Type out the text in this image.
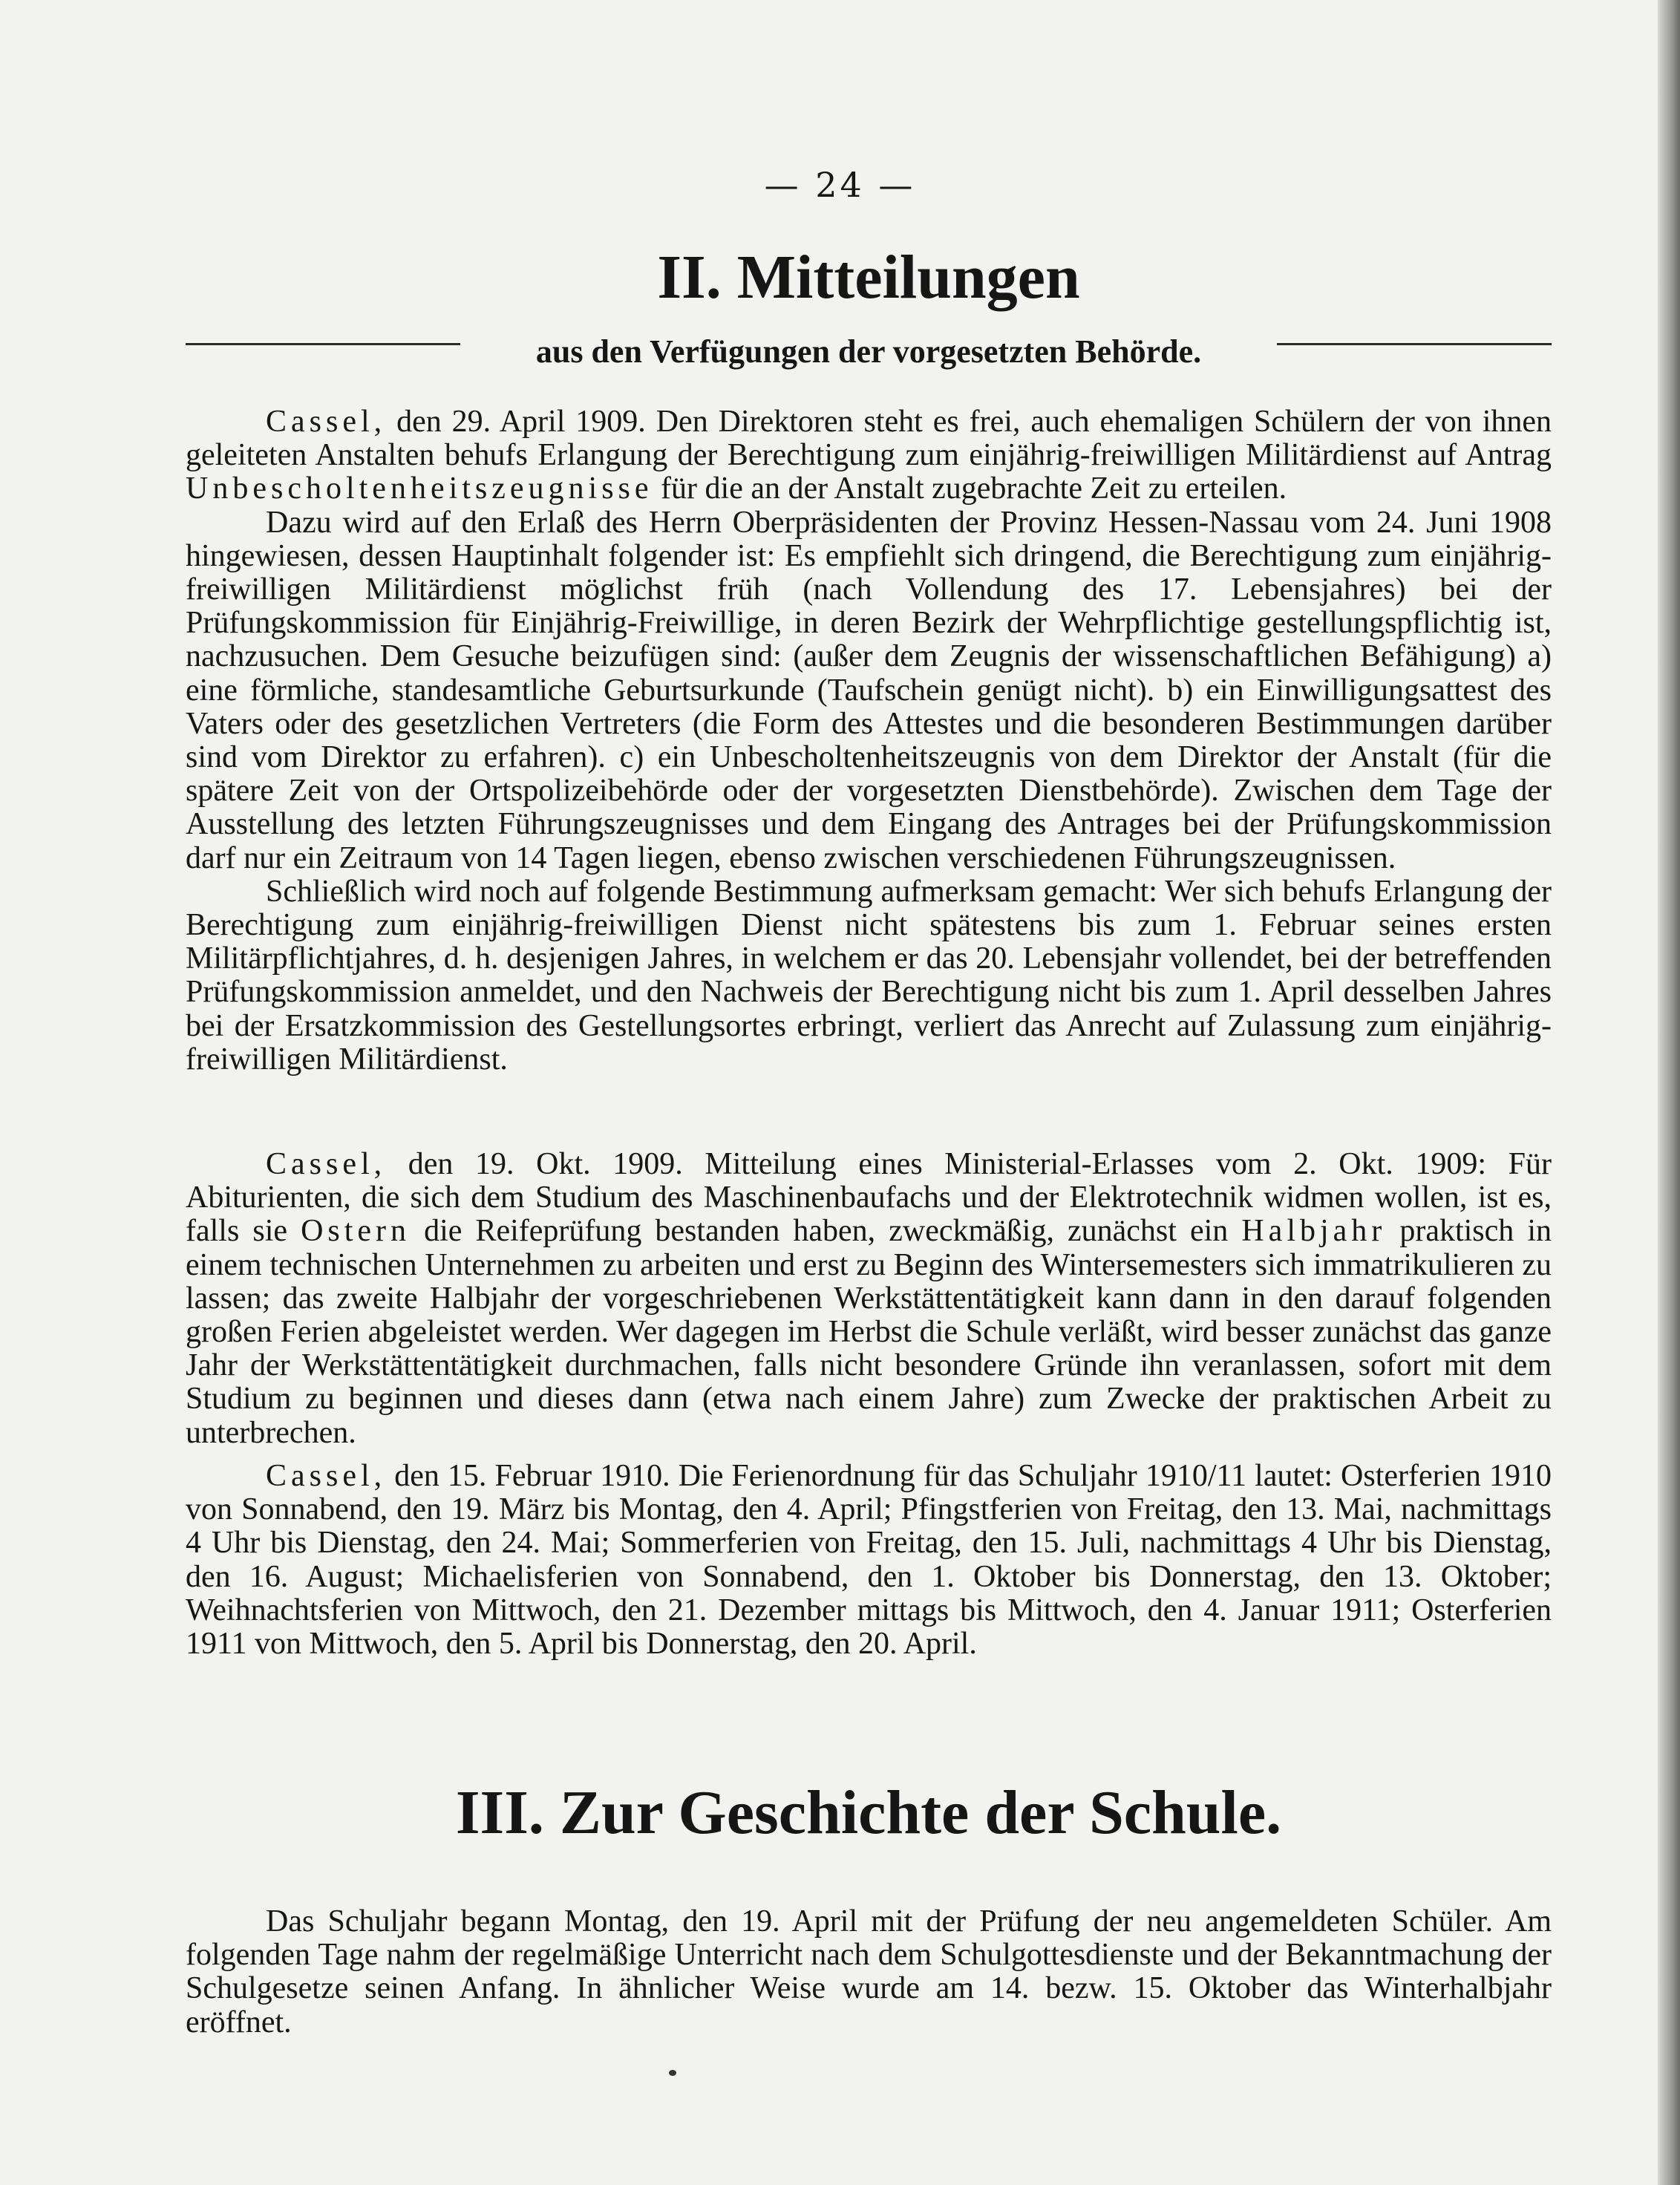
— 24 —
II. Mitteilungen
aus den Verfügungen der vorgesetzten Behörde.

Cassel, den 29. April 1909. Den Direktoren steht es frei, auch ehemaligen Schülern der von ihnen geleiteten Anstalten behufs Erlangung der Berechtigung zum einjährig-freiwilligen Militärdienst auf Antrag Unbescholtenheitszeugnisse für die an der Anstalt zugebrachte Zeit zu erteilen.

Dazu wird auf den Erlaß des Herrn Oberpräsidenten der Provinz Hessen-Nassau vom 24. Juni 1908 hingewiesen, dessen Hauptinhalt folgender ist: Es empfiehlt sich dringend, die Berechtigung zum einjährig-freiwilligen Militärdienst möglichst früh (nach Vollendung des 17. Lebensjahres) bei der Prüfungskommission für Einjährig-Freiwillige, in deren Bezirk der Wehrpflichtige gestellungspflichtig ist, nachzusuchen. Dem Gesuche beizufügen sind: (außer dem Zeugnis der wissenschaftlichen Befähigung) a) eine förmliche, standesamtliche Geburtsurkunde (Taufschein genügt nicht). b) ein Einwilligungsattest des Vaters oder des gesetzlichen Vertreters (die Form des Attestes und die besonderen Bestimmungen darüber sind vom Direktor zu erfahren). c) ein Unbescholtenheitszeugnis von dem Direktor der Anstalt (für die spätere Zeit von der Ortspolizeibehörde oder der vorgesetzten Dienstbehörde). Zwischen dem Tage der Ausstellung des letzten Führungszeugnisses und dem Eingang des Antrages bei der Prüfungskommission darf nur ein Zeitraum von 14 Tagen liegen, ebenso zwischen verschiedenen Führungszeugnissen.

Schließlich wird noch auf folgende Bestimmung aufmerksam gemacht: Wer sich behufs Erlangung der Berechtigung zum einjährig-freiwilligen Dienst nicht spätestens bis zum 1. Februar seines ersten Militärpflichtjahres, d. h. desjenigen Jahres, in welchem er das 20. Lebensjahr vollendet, bei der betreffenden Prüfungskommission anmeldet, und den Nachweis der Berechtigung nicht bis zum 1. April desselben Jahres bei der Ersatzkommission des Gestellungsortes erbringt, verliert das Anrecht auf Zulassung zum einjährig-freiwilligen Militärdienst.

Cassel, den 19. Okt. 1909. Mitteilung eines Ministerial-Erlasses vom 2. Okt. 1909: Für Abiturienten, die sich dem Studium des Maschinenbaufachs und der Elektrotechnik widmen wollen, ist es, falls sie Ostern die Reifeprüfung bestanden haben, zweckmäßig, zunächst ein Halbjahr praktisch in einem technischen Unternehmen zu arbeiten und erst zu Beginn des Wintersemesters sich immatrikulieren zu lassen; das zweite Halbjahr der vorgeschriebenen Werkstättentätigkeit kann dann in den darauf folgenden großen Ferien abgeleistet werden. Wer dagegen im Herbst die Schule verläßt, wird besser zunächst das ganze Jahr der Werkstättentätigkeit durchmachen, falls nicht besondere Gründe ihn veranlassen, sofort mit dem Studium zu beginnen und dieses dann (etwa nach einem Jahre) zum Zwecke der praktischen Arbeit zu unterbrechen.

Cassel, den 15. Februar 1910. Die Ferienordnung für das Schuljahr 1910/11 lautet: Osterferien 1910 von Sonnabend, den 19. März bis Montag, den 4. April; Pfingstferien von Freitag, den 13. Mai, nachmittags 4 Uhr bis Dienstag, den 24. Mai; Sommerferien von Freitag, den 15. Juli, nachmittags 4 Uhr bis Dienstag, den 16. August; Michaelisferien von Sonnabend, den 1. Oktober bis Donnerstag, den 13. Oktober; Weihnachtsferien von Mittwoch, den 21. Dezember mittags bis Mittwoch, den 4. Januar 1911; Osterferien 1911 von Mittwoch, den 5. April bis Donnerstag, den 20. April.

III. Zur Geschichte der Schule.

Das Schuljahr begann Montag, den 19. April mit der Prüfung der neu angemeldeten Schüler. Am folgenden Tage nahm der regelmäßige Unterricht nach dem Schulgottesdienste und der Bekanntmachung der Schulgesetze seinen Anfang. In ähnlicher Weise wurde am 14. bezw. 15. Oktober das Winterhalbjahr eröffnet.
